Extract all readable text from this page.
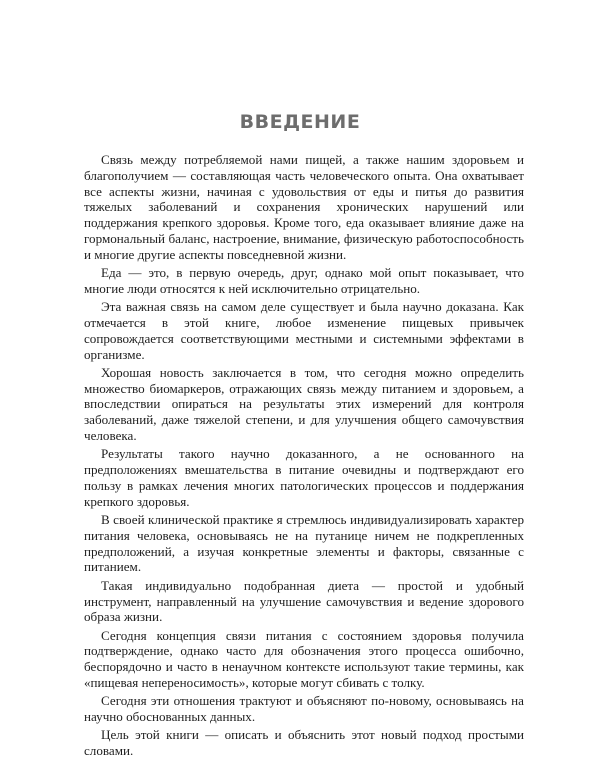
ВВЕДЕНИЕ

Связь между потребляемой нами пищей, а также нашим здоровьем и благополучием — составляющая часть человеческого опыта. Она охватывает все аспекты жизни, начиная с удовольствия от еды и питья до развития тяжелых заболеваний и сохранения хронических нарушений или поддержания крепкого здоровья. Кроме того, еда оказывает влияние даже на гормональный баланс, настроение, внимание, физическую работоспособность и многие другие аспекты повседневной жизни.

Еда — это, в первую очередь, друг, однако мой опыт показывает, что многие люди относятся к ней исключительно отрицательно.

Эта важная связь на самом деле существует и была научно доказана. Как отмечается в этой книге, любое изменение пищевых привычек сопровождается соответствующими местными и системными эффектами в организме.

Хорошая новость заключается в том, что сегодня можно определить множество биомаркеров, отражающих связь между питанием и здоровьем, а впоследствии опираться на результаты этих измерений для контроля заболеваний, даже тяжелой степени, и для улучшения общего самочувствия человека.

Результаты такого научно доказанного, а не основанного на предположениях вмешательства в питание очевидны и подтверждают его пользу в рамках лечения многих патологических процессов и поддержания крепкого здоровья.

В своей клинической практике я стремлюсь индивидуализировать характер питания человека, основываясь не на путанице ничем не подкрепленных предположений, а изучая конкретные элементы и факторы, связанные с питанием.

Такая индивидуально подобранная диета — простой и удобный инструмент, направленный на улучшение самочувствия и ведение здорового образа жизни.

Сегодня концепция связи питания с состоянием здоровья получила подтверждение, однако часто для обозначения этого процесса ошибочно, беспорядочно и часто в ненаучном контексте используют такие термины, как «пищевая непереносимость», которые могут сбивать с толку.

Сегодня эти отношения трактуют и объясняют по-новому, основываясь на научно обоснованных данных.

Цель этой книги — описать и объяснить этот новый подход простыми словами.
